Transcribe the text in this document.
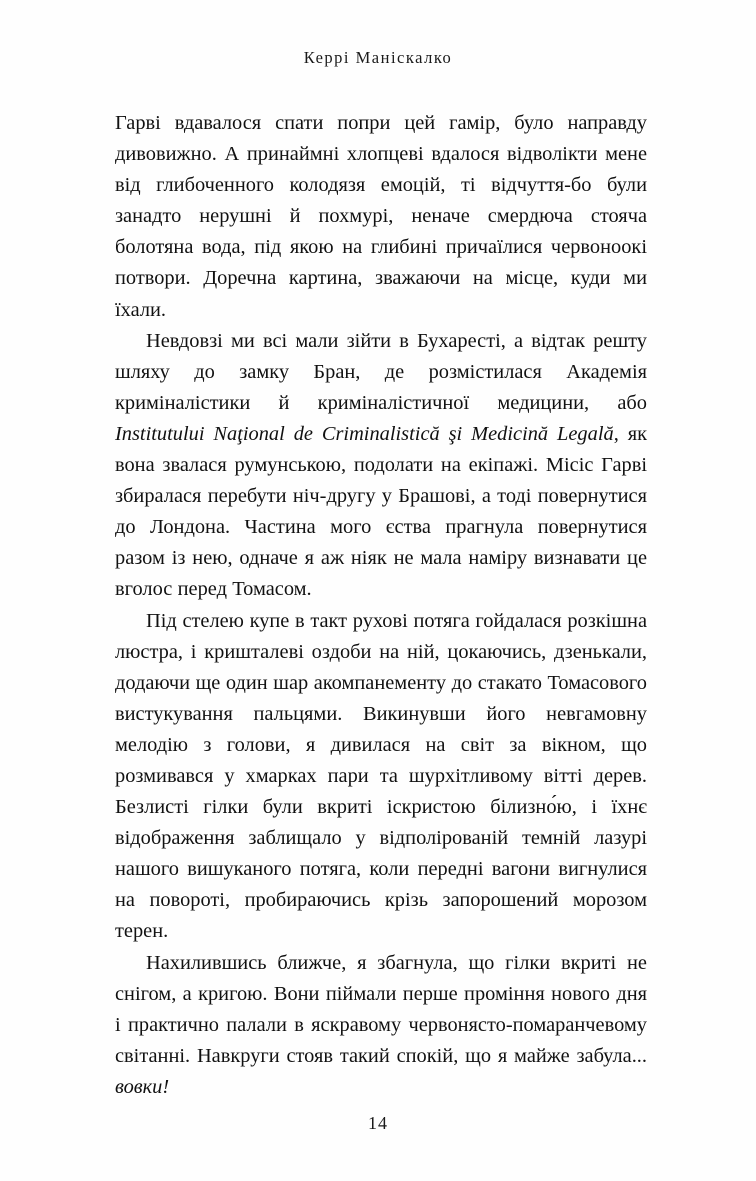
Керрі Маніскалко

Гарві вдавалося спати попри цей гамір, було направду дивовижно. А принаймні хлопцеві вдалося відволікти мене від глибоченного колодязя емоцій, ті відчуття-бо були занадто нерушні й похмурі, неначе смердюча стояча болотяна вода, під якою на глибині причаїлися червоноокі потвори. Доречна картина, зважаючи на місце, куди ми їхали.

Невдовзі ми всі мали зійти в Бухаресті, а відтак решту шляху до замку Бран, де розмістилася Академія криміналістики й криміналістичної медицини, або Institutului Naţional de Criminalistică şi Medicină Legală, як вона звалася румунською, подолати на екіпажі. Місіс Гарві збиралася перебути ніч-другу у Брашові, а тоді повернутися до Лондона. Частина мого єства прагнула повернутися разом із нею, одначе я аж ніяк не мала наміру визнавати це вголос перед Томасом.

Під стелею купе в такт рухові потяга гойдалася розкішна люстра, і кришталеві оздоби на ній, цокаючись, дзенькали, додаючи ще один шар акомпанементу до стакато Томасового вистукування пальцями. Викинувши його невгамовну мелодію з голови, я дивилася на світ за вікном, що розмивався у хмарках пари та шурхітливому вітті дерев. Безлисті гілки були вкриті іскристою білизно́ю, і їхнє відображення заблищало у відполірованій темній лазурі нашого вишуканого потяга, коли передні вагони вигнулися на повороті, пробираючись крізь запорошений морозом терен.

Нахилившись ближче, я збагнула, що гілки вкриті не снігом, а кригою. Вони піймали перше проміння нового дня і практично палали в яскравому червонясто-помаранчевому світанні. Навкруги стояв такий спокій, що я майже забула... вовки!

14
